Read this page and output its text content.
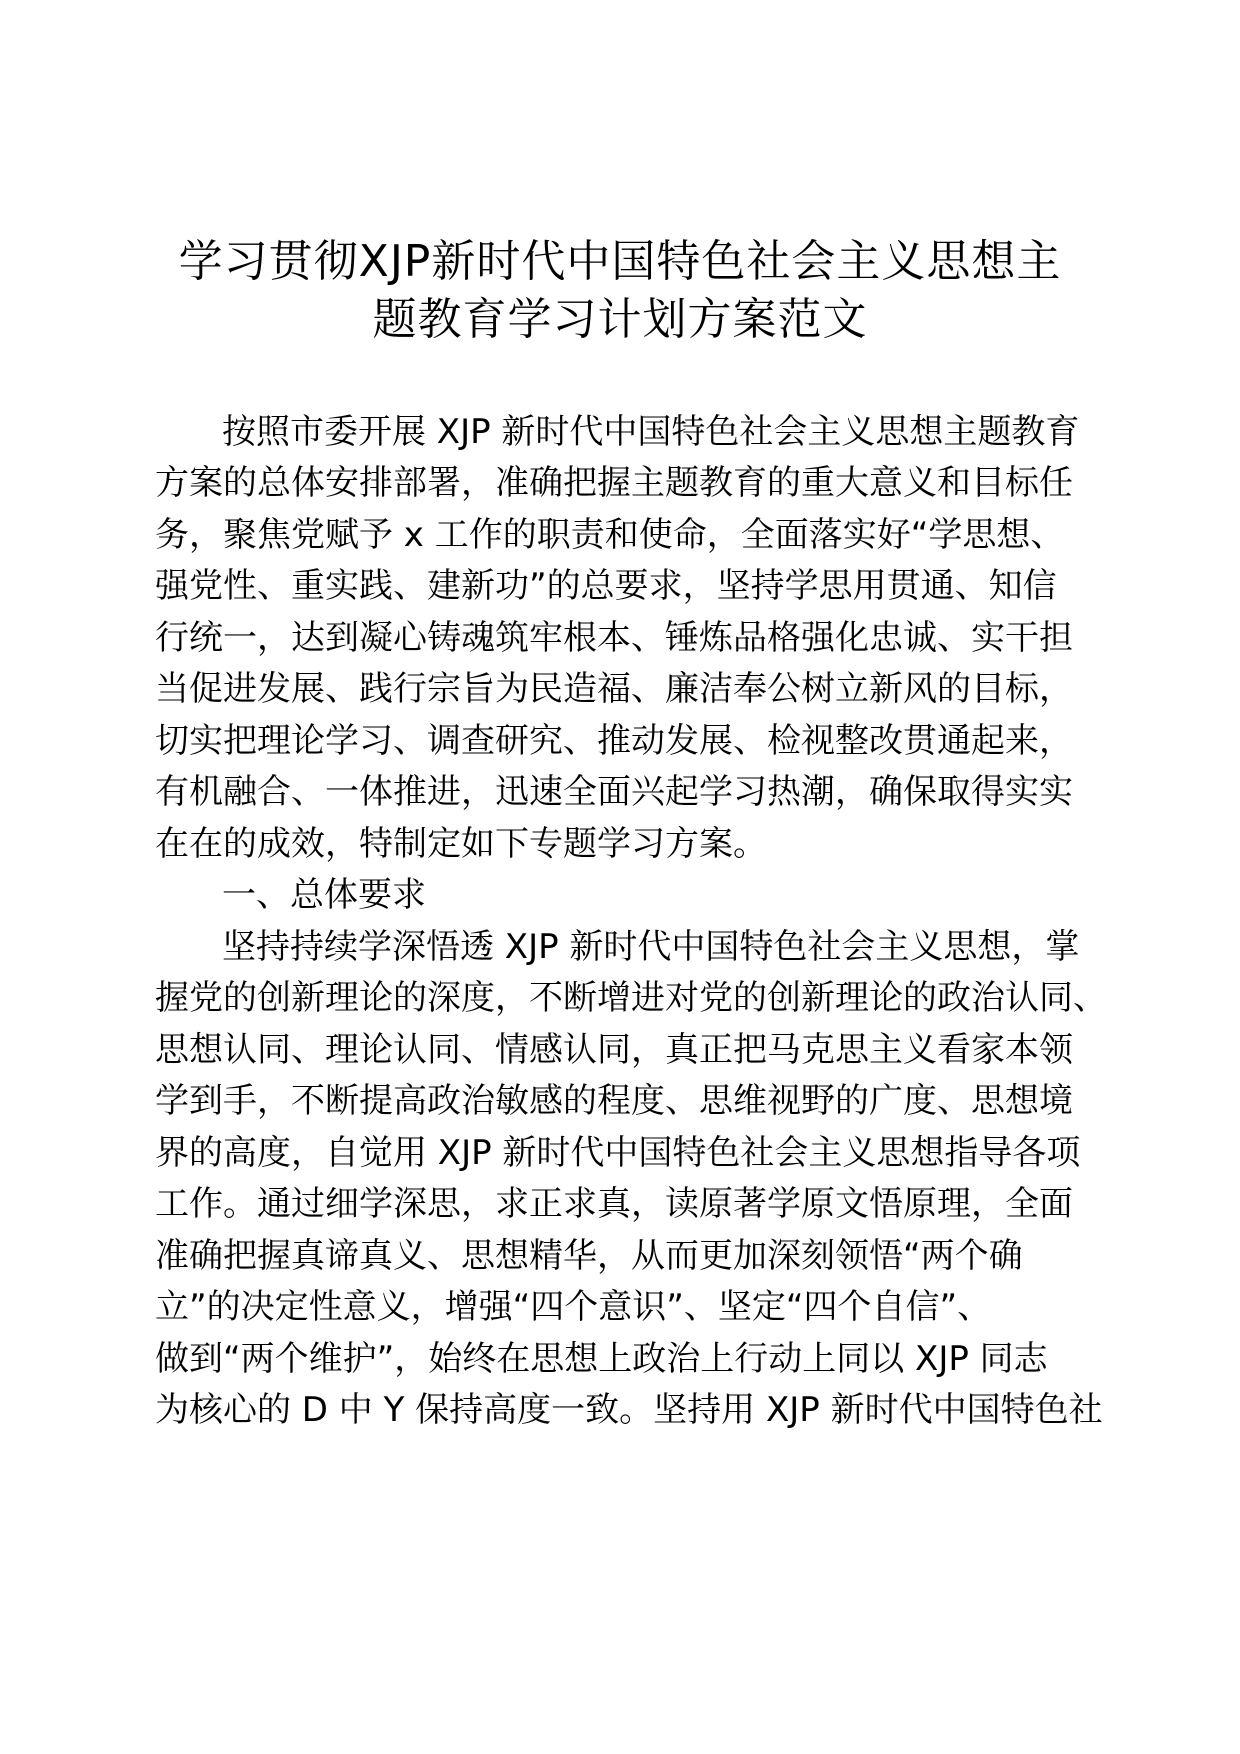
学习贯彻XJP新时代中国特色社会主义思想主
题教育学习计划方案范文
按照市委开展 XJP 新时代中国特色社会主义思想主题教育
方案的总体安排部署，准确把握主题教育的重大意义和目标任
务，聚焦党赋予 x 工作的职责和使命，全面落实好“学思想、
强党性、重实践、建新功”的总要求，坚持学思用贯通、知信
行统一，达到凝心铸魂筑牢根本、锤炼品格强化忠诚、实干担
当促进发展、践行宗旨为民造福、廉洁奉公树立新风的目标，
切实把理论学习、调查研究、推动发展、检视整改贯通起来，
有机融合、一体推进，迅速全面兴起学习热潮，确保取得实实
在在的成效，特制定如下专题学习方案。
一、总体要求
坚持持续学深悟透 XJP 新时代中国特色社会主义思想，掌
握党的创新理论的深度，不断增进对党的创新理论的政治认同、
思想认同、理论认同、情感认同，真正把马克思主义看家本领
学到手，不断提高政治敏感的程度、思维视野的广度、思想境
界的高度，自觉用 XJP 新时代中国特色社会主义思想指导各项
工作。通过细学深思，求正求真，读原著学原文悟原理，全面
准确把握真谛真义、思想精华，从而更加深刻领悟“两个确
立”的决定性意义，增强“四个意识”、坚定“四个自信”、
做到“两个维护”，始终在思想上政治上行动上同以 XJP 同志
为核心的 D 中 Y 保持高度一致。坚持用 XJP 新时代中国特色社
